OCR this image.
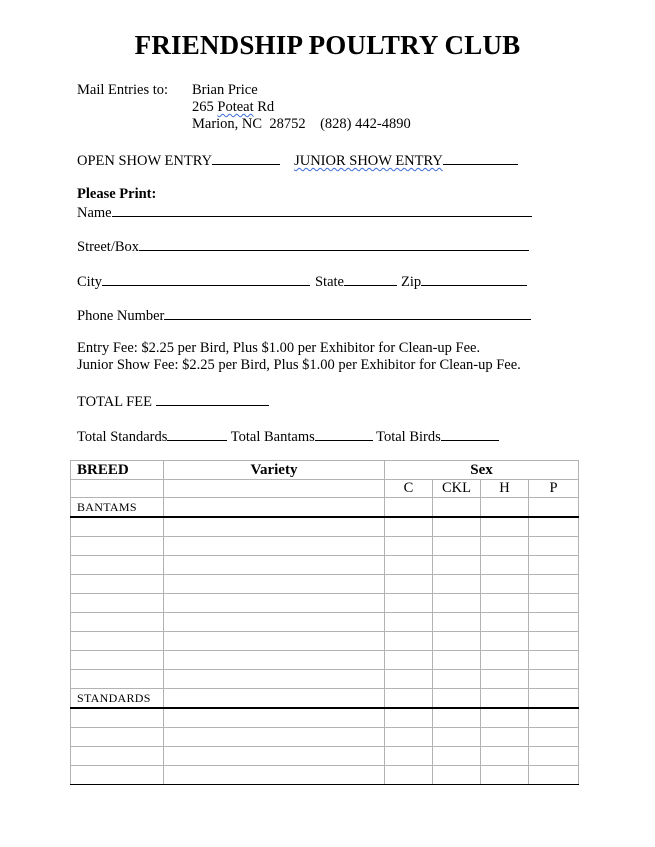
FRIENDSHIP POULTRY CLUB
Mail Entries to: Brian Price
265 Poteat Rd
Marion, NC  28752    (828) 442-4890
OPEN SHOW ENTRY	JUNIOR SHOW ENTRY
Please Print:
Name
Street/Box
City	State	Zip
Phone Number
Entry Fee: $2.25 per Bird, Plus $1.00 per Exhibitor for Clean-up Fee.
Junior Show Fee: $2.25 per Bird, Plus $1.00 per Exhibitor for Clean-up Fee.
TOTAL FEE
Total Standards	Total Bantams	Total Birds
BREED	Variety	Sex			
		C	CKL	H	P
BANTAMS					

STANDARDS					
